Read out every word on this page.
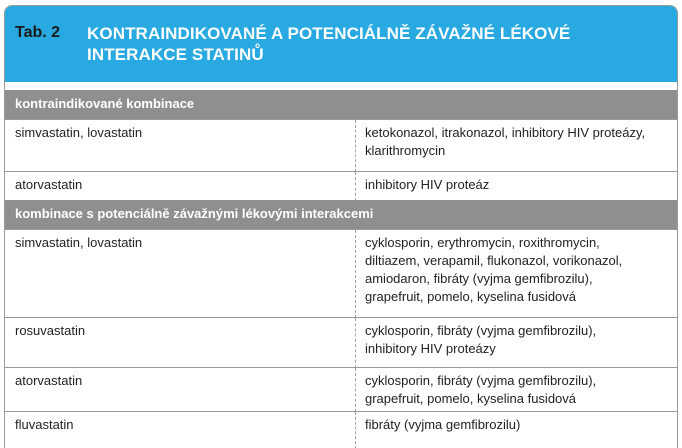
Tab. 2 KONTRAINDIKOVANÉ A POTENCIÁLNĚ ZÁVAŽNÉ LÉKOVÉ
INTERAKCE STATINŮ
kontraindikované kombinace
simvastatin, lovastatin	ketokonazol, itrakonazol, inhibitory HIV proteázy,
klarithromycin
atorvastatin	inhibitory HIV proteáz
kombinace s potenciálně závažnými lékovými interakcemi
simvastatin, lovastatin	cyklosporin, erythromycin, roxithromycin,
diltiazem, verapamil, flukonazol, vorikonazol,
amiodaron, fibráty (vyjma gemfibrozilu),
grapefruit, pomelo, kyselina fusidová
rosuvastatin	cyklosporin, fibráty (vyjma gemfibrozilu),
inhibitory HIV proteázy
atorvastatin	cyklosporin, fibráty (vyjma gemfibrozilu),
grapefruit, pomelo, kyselina fusidová
fluvastatin	fibráty (vyjma gemfibrozilu)
